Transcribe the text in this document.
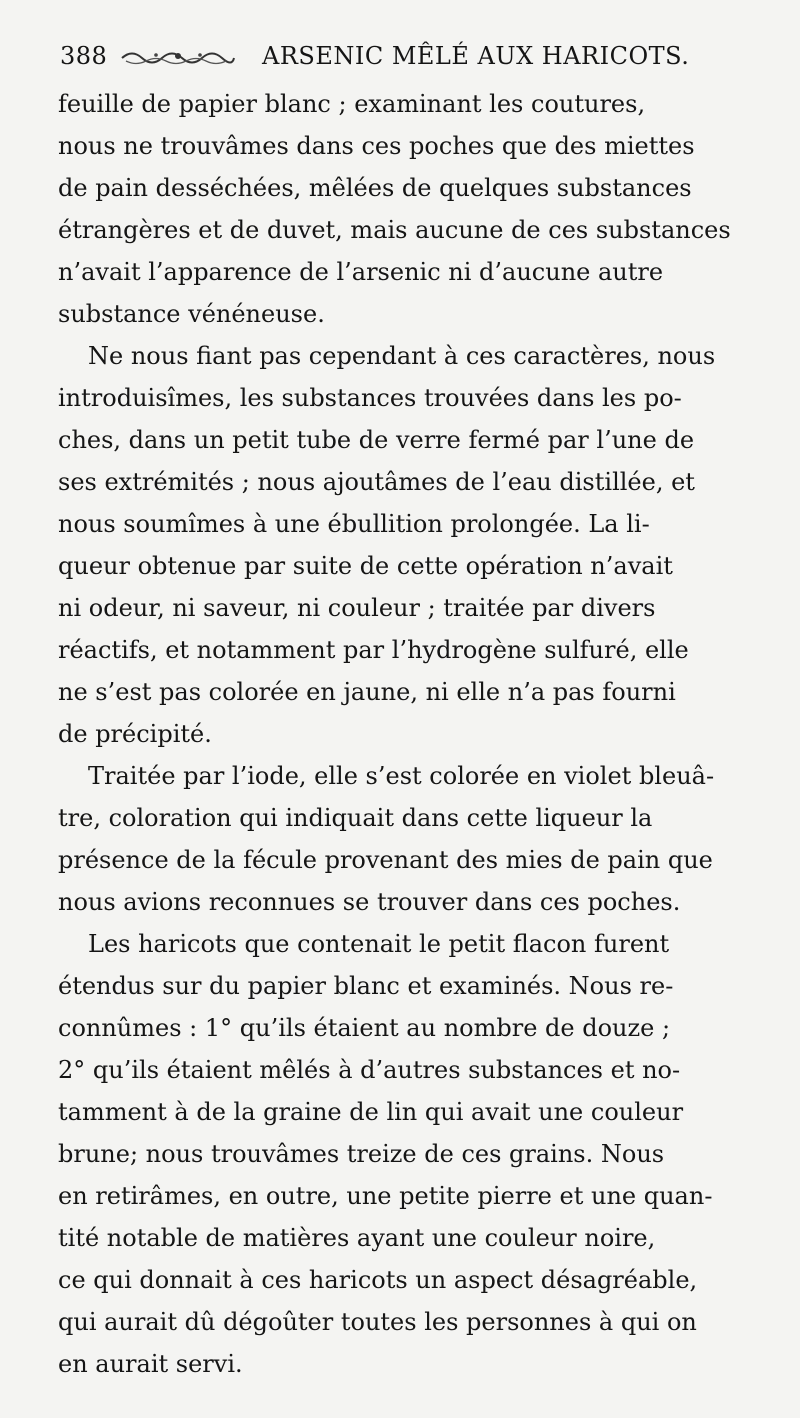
388	ARSENIC MÊLÉ AUX HARICOTS.
feuille de papier blanc ; examinant les coutures,
nous ne trouvâmes dans ces poches que des miettes
de pain desséchées, mêlées de quelques substances
étrangères et de duvet, mais aucune de ces substances
n’avait l’apparence de l’arsenic ni d’aucune autre
substance vénéneuse.
Ne nous fiant pas cependant à ces caractères, nous
introduisîmes, les substances trouvées dans les po-
ches, dans un petit tube de verre fermé par l’une de
ses extrémités ; nous ajoutâmes de l’eau distillée, et
nous soumîmes à une ébullition prolongée. La li-
queur obtenue par suite de cette opération n’avait
ni odeur, ni saveur, ni couleur ; traitée par divers
réactifs, et notamment par l’hydrogène sulfuré, elle
ne s’est pas colorée en jaune, ni elle n’a pas fourni
de précipité.
Traitée par l’iode, elle s’est colorée en violet bleuâ-
tre, coloration qui indiquait dans cette liqueur la
présence de la fécule provenant des mies de pain que
nous avions reconnues se trouver dans ces poches.
Les haricots que contenait le petit flacon furent
étendus sur du papier blanc et examinés. Nous re-
connûmes : 1° qu’ils étaient au nombre de douze ;
2° qu’ils étaient mêlés à d’autres substances et no-
tamment à de la graine de lin qui avait une couleur
brune; nous trouvâmes treize de ces grains. Nous
en retirâmes, en outre, une petite pierre et une quan-
tité notable de matières ayant une couleur noire,
ce qui donnait à ces haricots un aspect désagréable,
qui aurait dû dégoûter toutes les personnes à qui on
en aurait servi.
